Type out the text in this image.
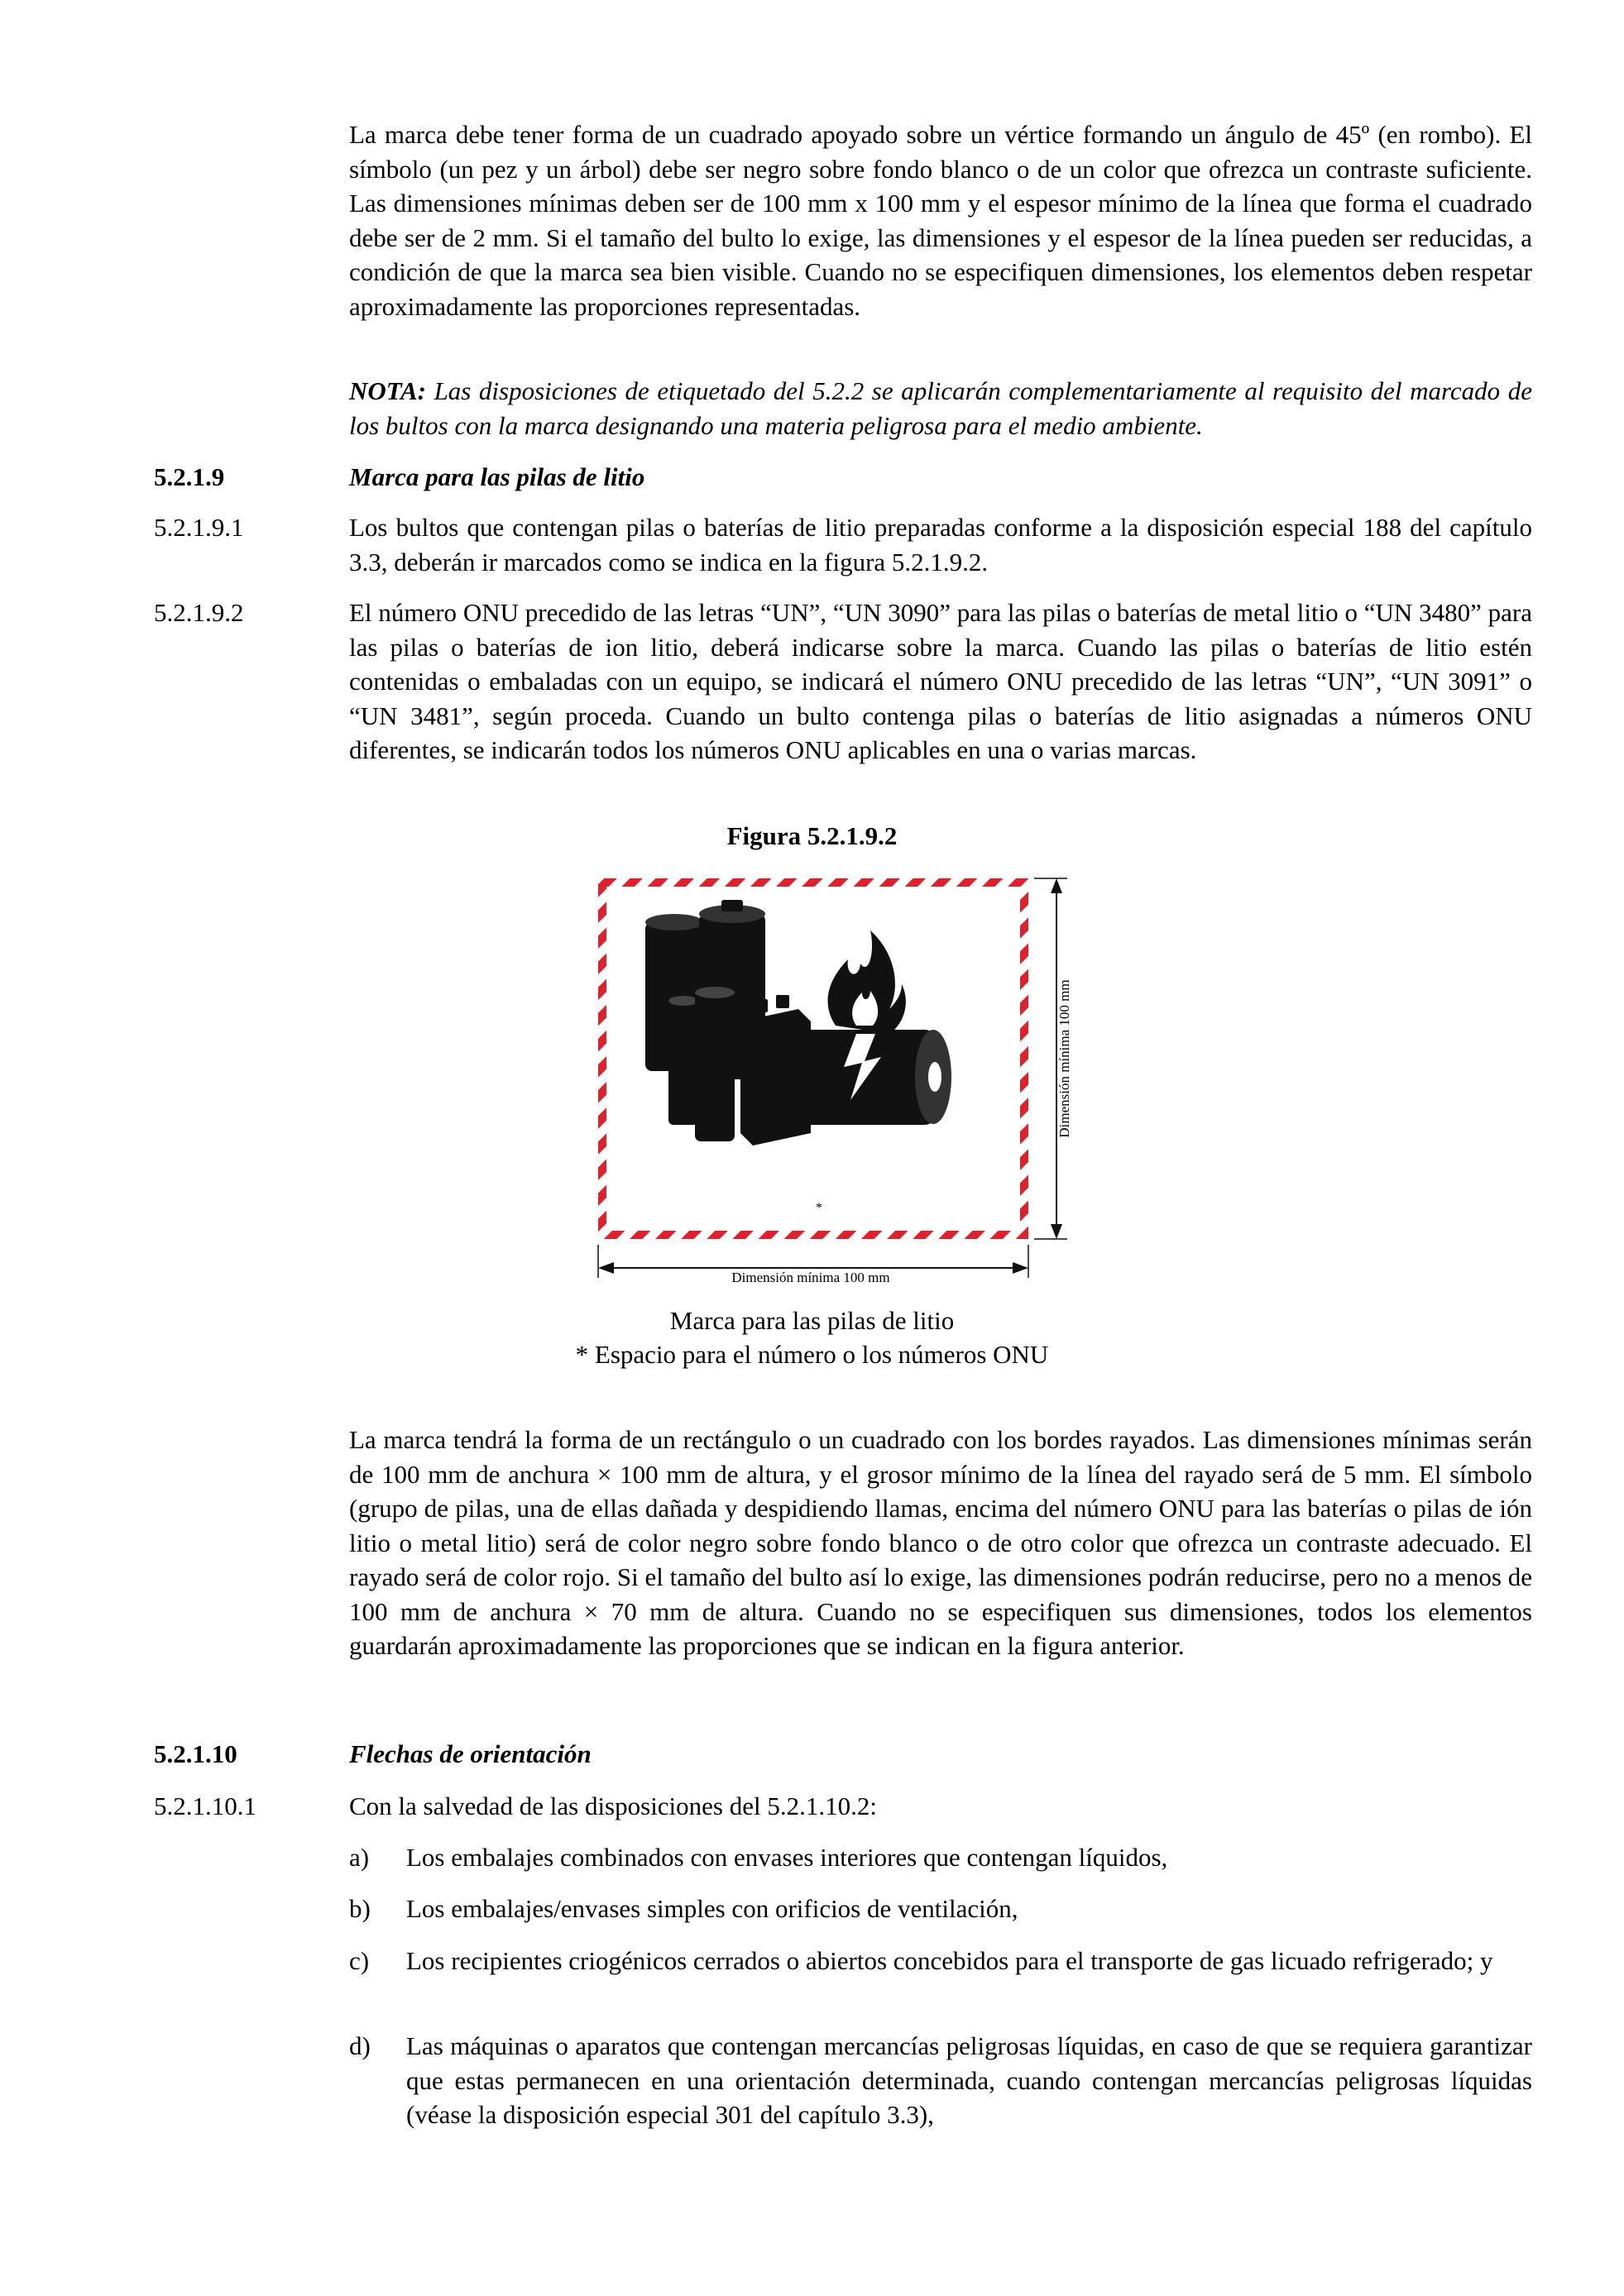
La marca debe tener forma de un cuadrado apoyado sobre un vértice formando un ángulo de 45º (en rombo). El símbolo (un pez y un árbol) debe ser negro sobre fondo blanco o de un color que ofrezca un contraste suficiente. Las dimensiones mínimas deben ser de 100 mm x 100 mm y el espesor mínimo de la línea que forma el cuadrado debe ser de 2 mm. Si el tamaño del bulto lo exige, las dimensiones y el espesor de la línea pueden ser reducidas, a condición de que la marca sea bien visible. Cuando no se especifiquen dimensiones, los elementos deben respetar aproximadamente las proporciones representadas.

NOTA: Las disposiciones de etiquetado del 5.2.2 se aplicarán complementariamente al requisito del marcado de los bultos con la marca designando una materia peligrosa para el medio ambiente.

5.2.1.9	Marca para las pilas de litio

5.2.1.9.1	Los bultos que contengan pilas o baterías de litio preparadas conforme a la disposición especial 188 del capítulo 3.3, deberán ir marcados como se indica en la figura 5.2.1.9.2.

5.2.1.9.2	El número ONU precedido de las letras “UN”, “UN 3090” para las pilas o baterías de metal litio o “UN 3480” para las pilas o baterías de ion litio, deberá indicarse sobre la marca. Cuando las pilas o baterías de litio estén contenidas o embaladas con un equipo, se indicará el número ONU precedido de las letras “UN”, “UN 3091” o “UN 3481”, según proceda. Cuando un bulto contenga pilas o baterías de litio asignadas a números ONU diferentes, se indicarán todos los números ONU aplicables en una o varias marcas.

Figura 5.2.1.9.2

*
Dimensión mínima 100 mm
Dimensión mínima 100 mm

Marca para las pilas de litio

* Espacio para el número o los números ONU

La marca tendrá la forma de un rectángulo o un cuadrado con los bordes rayados. Las dimensiones mínimas serán de 100 mm de anchura × 100 mm de altura, y el grosor mínimo de la línea del rayado será de 5 mm. El símbolo (grupo de pilas, una de ellas dañada y despidiendo llamas, encima del número ONU para las baterías o pilas de ión litio o metal litio) será de color negro sobre fondo blanco o de otro color que ofrezca un contraste adecuado. El rayado será de color rojo. Si el tamaño del bulto así lo exige, las dimensiones podrán reducirse, pero no a menos de 100 mm de anchura × 70 mm de altura. Cuando no se especifiquen sus dimensiones, todos los elementos guardarán aproximadamente las proporciones que se indican en la figura anterior.

5.2.1.10	Flechas de orientación

5.2.1.10.1	Con la salvedad de las disposiciones del 5.2.1.10.2:

a) Los embalajes combinados con envases interiores que contengan líquidos,

b) Los embalajes/envases simples con orificios de ventilación,

c) Los recipientes criogénicos cerrados o abiertos concebidos para el transporte de gas licuado refrigerado; y

d) Las máquinas o aparatos que contengan mercancías peligrosas líquidas, en caso de que se requiera garantizar que estas permanecen en una orientación determinada, cuando contengan mercancías peligrosas líquidas (véase la disposición especial 301 del capítulo 3.3),
